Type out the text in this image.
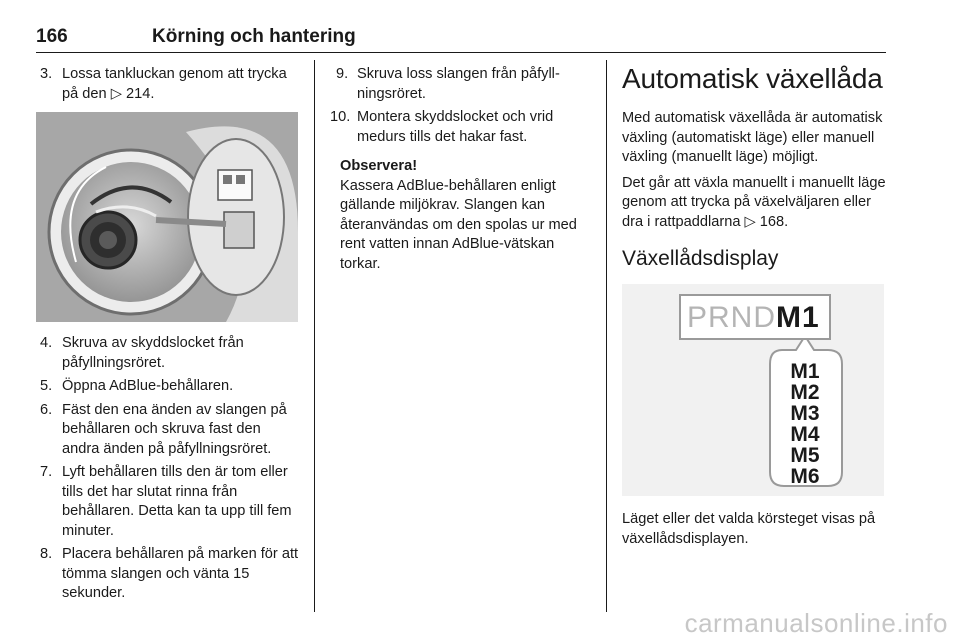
166	Körning och hantering
3. Lossa tankluckan genom att trycka på den ▷ 214.
4. Skruva av skyddslocket från påfyllningsröret.
5. Öppna AdBlue-behållaren.
6. Fäst den ena änden av slangen på behållaren och skruva fast den andra änden på påfyllningsröret.
7. Lyft behållaren tills den är tom eller tills det har slutat rinna från behållaren. Detta kan ta upp till fem minuter.
8. Placera behållaren på marken för att tömma slangen och vänta 15 sekunder.
9. Skruva loss slangen från påfyllningsröret.
10. Montera skyddslocket och vrid medurs tills det hakar fast.
Observera!
Kassera AdBlue-behållaren enligt gällande miljökrav. Slangen kan återanvändas om den spolas ur med rent vatten innan AdBlue-vätskan torkar.
Automatisk växellåda

Med automatisk växellåda är automatisk växling (automatiskt läge) eller manuell växling (manuellt läge) möjligt.

Det går att växla manuellt i manuellt läge genom att trycka på växelväljaren eller dra i rattpaddlarna ▷ 168.

Växellådsdisplay
PRNDM1
M1
M2
M3
M4
M5
M6

Läget eller det valda körsteget visas på växellådsdisplayen.

carmanualsonline.info
